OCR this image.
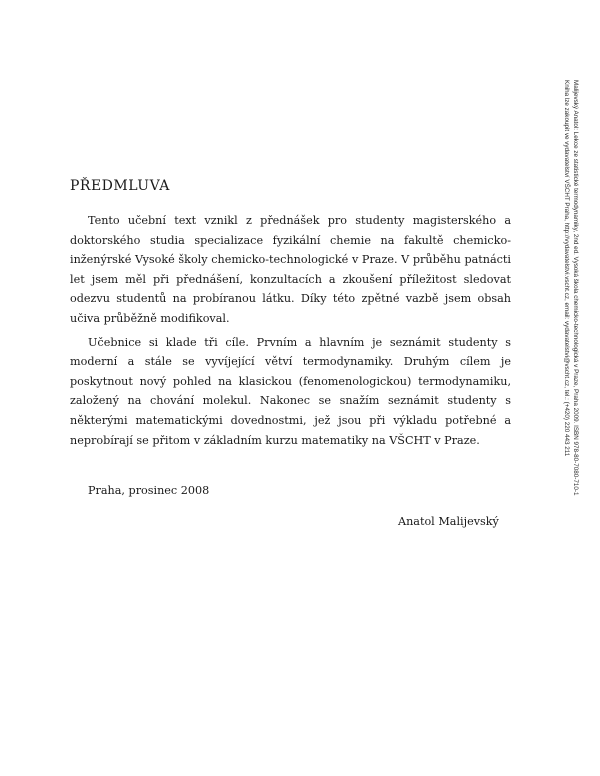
PŘEDMLUVA

Tento učební text vznikl z přednášek pro studenty magisterského a doktorského studia specializace fyzikální chemie na fakultě chemicko-inženýrské Vysoké školy chemicko-technologické v Praze. V průběhu patnácti let jsem měl při přednášení, konzultacích a zkoušení příležitost sledovat odezvu studentů na probíranou látku. Díky této zpětné vazbě jsem obsah učiva průběžně modifikoval.

Učebnice si klade tři cíle. Prvním a hlavním je seznámit studenty s moderní a stále se vyvíjející větví termodynamiky. Druhým cílem je poskytnout nový pohled na klasickou (fenomenologickou) termodynamiku, založený na chování molekul. Nakonec se snažím seznámit studenty s některými matematickými dovednostmi, jež jsou při výkladu potřebné a neprobírají se přitom v základním kurzu matematiky na VŠCHT v Praze.

Praha, prosinec 2008

Anatol Malijevský

Malijevský Anatol: Lekce ze statistické termodynamiky, 2nd ed. Vysoká škola chemicko-technologická v Praze, Praha 2009. ISBN 978-80-7080-710-1
Kniha lze zakoupit ve vydavatelství VŠCHT Praha, http://vydavatelstvi.vscht.cz, email: vydavatelstvi@vscht.cz, tel.: (+420) 220 443 211
